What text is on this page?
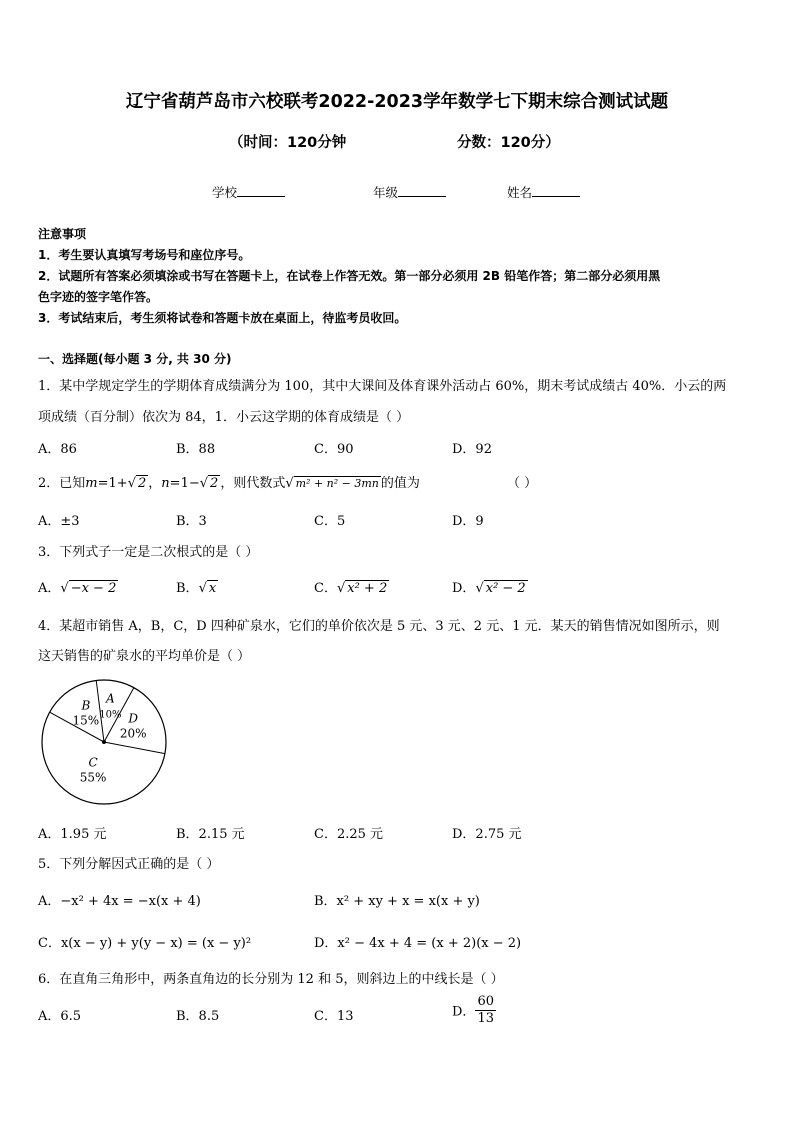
辽宁省葫芦岛市六校联考2022-2023学年数学七下期末综合测试试题
（时间：120分钟	分数：120分）
学校	年级	姓名
注意事项
1．考生要认真填写考场号和座位序号。
2．试题所有答案必须填涂或书写在答题卡上，在试卷上作答无效。第一部分必须用 2B 铅笔作答；第二部分必须用黑
色字迹的签字笔作答。
3．考试结束后，考生须将试卷和答题卡放在桌面上，待监考员收回。
一、选择题(每小题 3 分, 共 30 分)
1．某中学规定学生的学期体育成绩满分为 100，其中大课间及体育课外活动占 60%，期末考试成绩古 40%．小云的两
项成绩（百分制）依次为 84，1．小云这学期的体育成绩是（ ）
A．86	B．88	C．90	D．92
2．已知m=1+√ 2 ，n=1−√ 2 ，则代数式√ m² + n² − 3mn 的值为	（ ）
A．±3	B．3	C．5	D．9
3．下列式子一定是二次根式的是（ ）
A．√ −x − 2	B．√ x	C．√ x² + 2	D．√ x² − 2
4．某超市销售 A，B，C，D 四种矿泉水，它们的单价依次是 5 元、3 元、2 元、1 元．某天的销售情况如图所示，则
这天销售的矿泉水的平均单价是（ ）
A
10% D
20%
C
55%
B
15%
A．1.95 元	B．2.15 元	C．2.25 元	D．2.75 元
5．下列分解因式正确的是（ ）
A．−x² + 4x = −x(x + 4)	B．x² + xy + x = x(x + y)
C．x(x − y) + y(y − x) = (x − y)²	D．x² − 4x + 4 = (x + 2)(x − 2)
6．在直角三角形中，两条直角边的长分别为 12 和 5，则斜边上的中线长是（ ）
A．6.5	B．8.5	C．13	D． $\frac{60}{13}$
